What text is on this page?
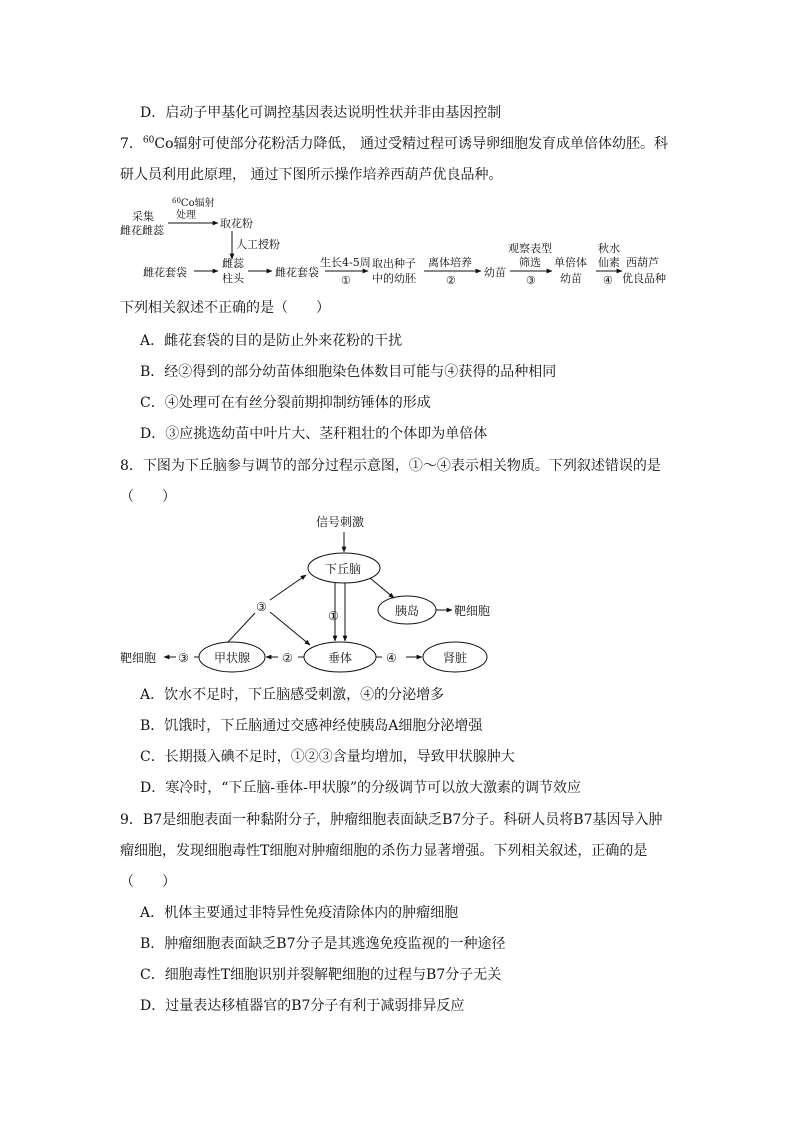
D．启动子甲基化可调控基因表达说明性状并非由基因控制
7．$^{60}$Co辐射可使部分花粉活力降低， 通过受精过程可诱导卵细胞发育成单倍体幼胚。科
研人员利用此原理， 通过下图所示操作培养西葫芦优良品种。
采集
雌花雌蕊
$^{60}$Co辐射
处理
取花粉
人工授粉
雌花套袋
雌蕊
柱头	雌花套袋
生长4-5周
①
取出种子
中的幼胚
离体培养
②
幼苗
观察表型
筛选
③
单倍体
幼苗
秋水
仙素
④
西葫芦
优良品种
下列相关叙述不正确的是（　　）
A．雌花套袋的目的是防止外来花粉的干扰
B．经②得到的部分幼苗体细胞染色体数目可能与④获得的品种相同
C．④处理可在有丝分裂前期抑制纺锤体的形成
D．③应挑选幼苗中叶片大、茎秆粗壮的个体即为单倍体
8．下图为下丘脑参与调节的部分过程示意图，①～④表示相关物质。下列叙述错误的是
（　　）
信号刺激
下丘脑
胰岛	靶细胞
①
垂体
②
甲状腺
③
靶细胞
③
④	肾脏
A．饮水不足时，下丘脑感受刺激，④的分泌增多
B．饥饿时，下丘脑通过交感神经使胰岛A细胞分泌增强
C．长期摄入碘不足时，①②③含量均增加，导致甲状腺肿大
D．寒冷时，“下丘脑-垂体-甲状腺”的分级调节可以放大激素的调节效应
9．B7是细胞表面一种黏附分子，肿瘤细胞表面缺乏B7分子。科研人员将B7基因导入肿
瘤细胞，发现细胞毒性T细胞对肿瘤细胞的杀伤力显著增强。下列相关叙述，正确的是
（　　）
A．机体主要通过非特异性免疫清除体内的肿瘤细胞
B．肿瘤细胞表面缺乏B7分子是其逃逸免疫监视的一种途径
C．细胞毒性T细胞识别并裂解靶细胞的过程与B7分子无关
D．过量表达移植器官的B7分子有利于减弱排异反应
